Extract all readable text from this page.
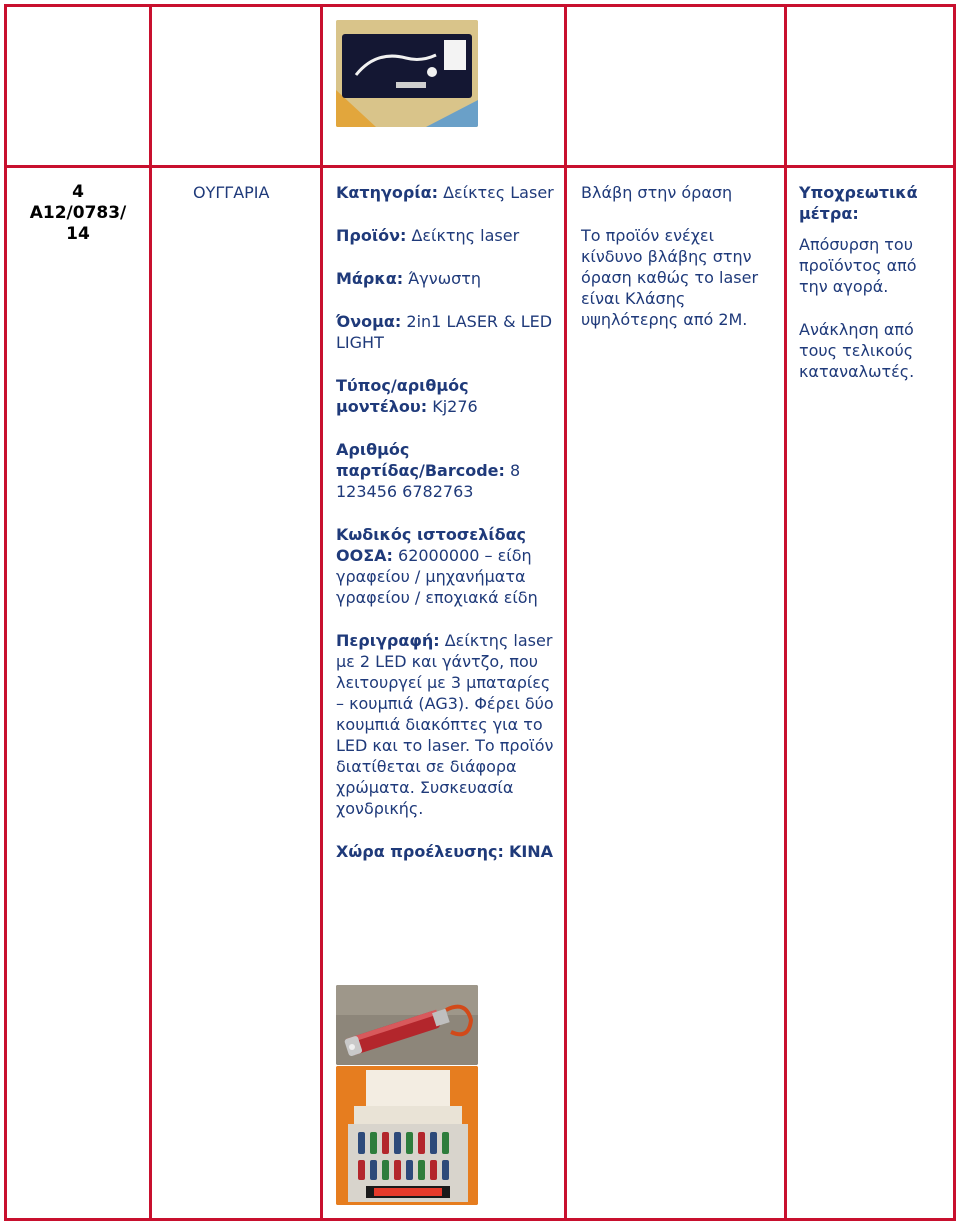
4
A12/0783/
14
ΟΥΓΓΑΡΙΑ	Κατηγορία: Δείκτες Laser
Προϊόν: Δείκτης laser
Μάρκα: Άγνωστη
Όνομα: 2in1 LASER & LED LIGHT
Τύπος/αριθμός μοντέλου: Kj276
Αριθμός παρτίδας/Barcode: 8 123456 6782763
Κωδικός ιστοσελίδας ΟΟΣΑ: 62000000 – είδη γραφείου / μηχανήματα γραφείου / εποχιακά είδη
Περιγραφή: Δείκτης laser με 2 LED και γάντζο, που λειτουργεί με 3 μπαταρίες – κουμπιά (AG3). Φέρει δύο κουμπιά διακόπτες για το LED και το laser. Το προϊόν διατίθεται σε διάφορα χρώματα. Συσκευασία χονδρικής.
Χώρα προέλευσης: ΚΙΝΑ
Βλάβη στην όραση
Το προϊόν ενέχει κίνδυνο βλάβης στην όραση καθώς το laser είναι Κλάσης υψηλότερης από 2M.
Υποχρεωτικά μέτρα:
Απόσυρση του προϊόντος από την αγορά.
Ανάκληση από τους τελικούς καταναλωτές.
